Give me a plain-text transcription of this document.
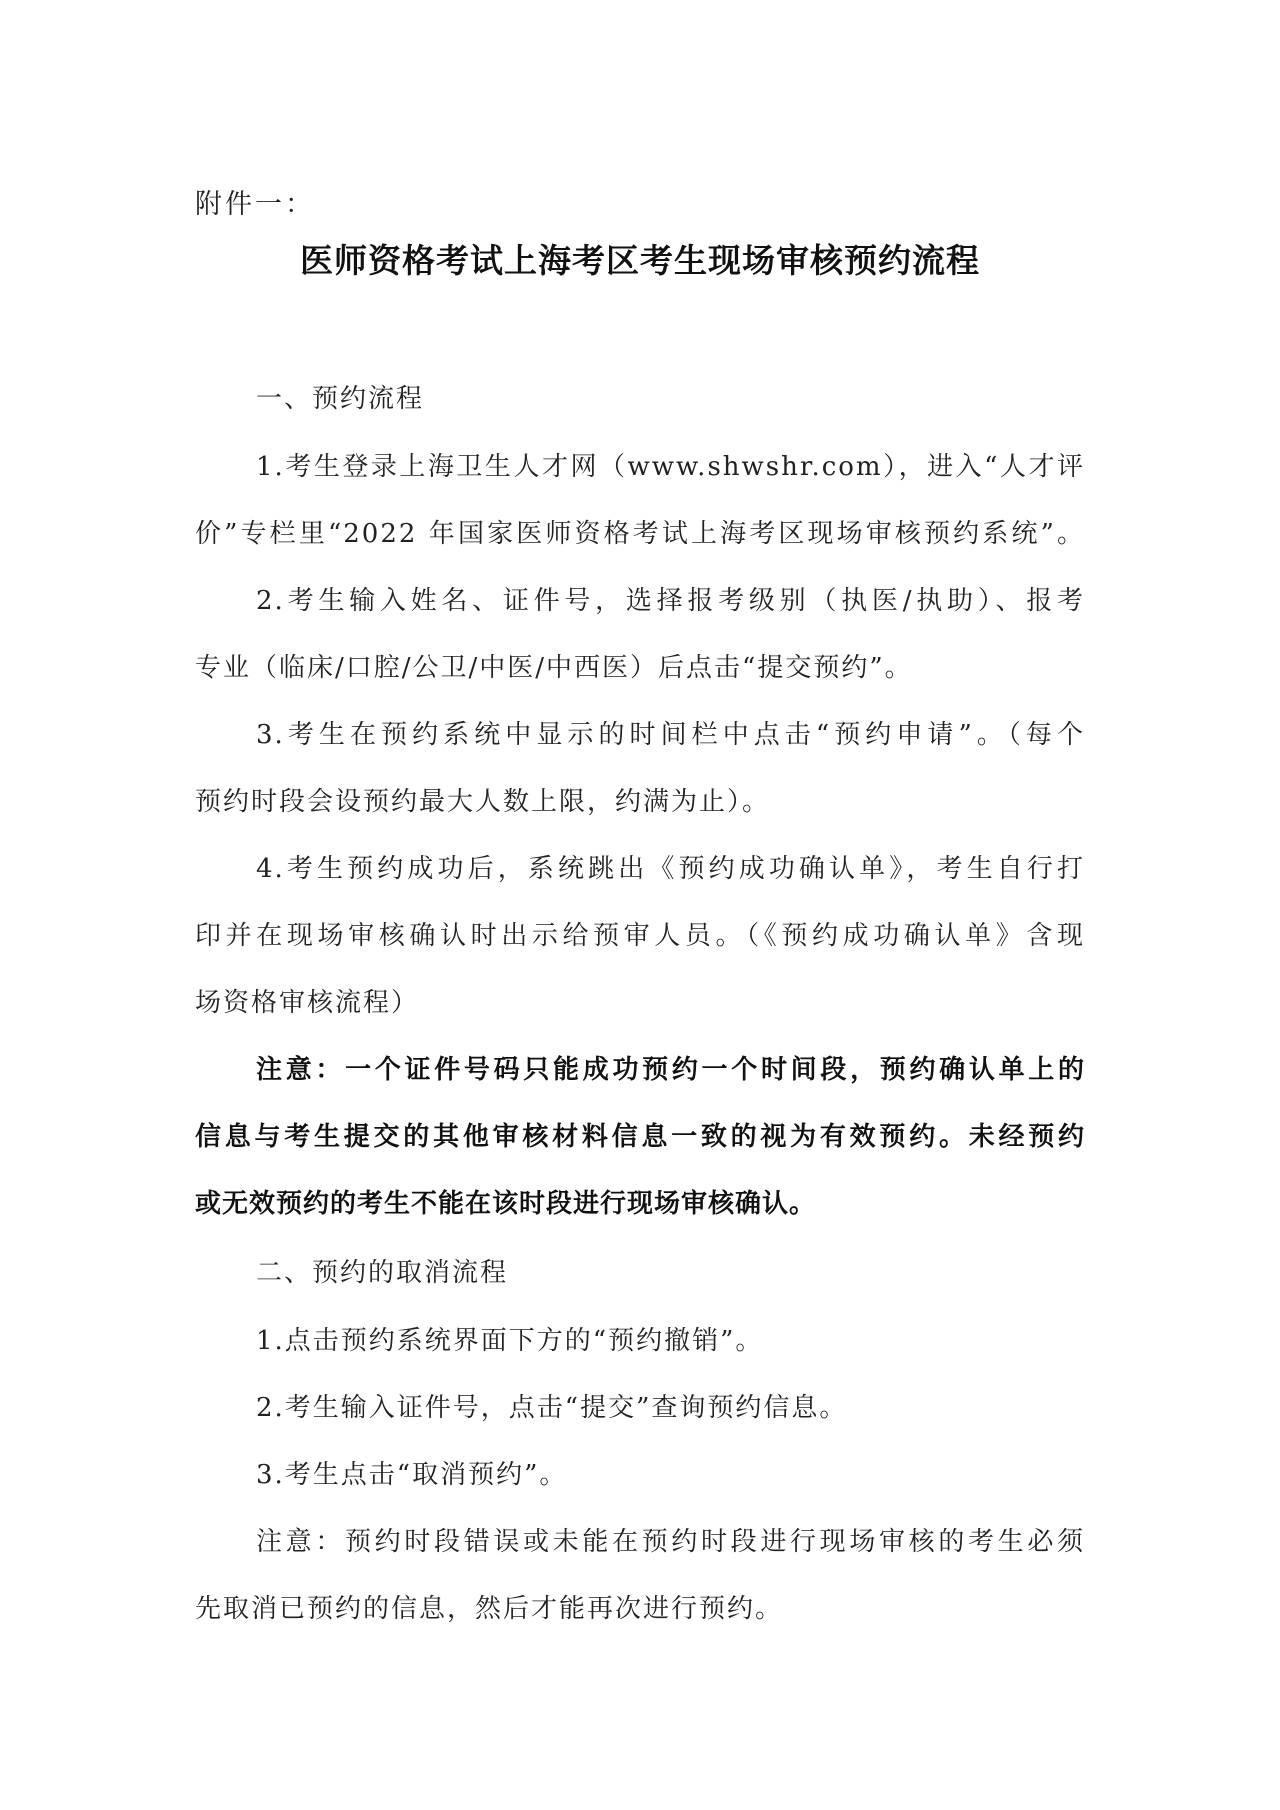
附件一：
医师资格考试上海考区考生现场审核预约流程
一、预约流程
1.考生登录上海卫生人才网（www.shwshr.com），进入“人才评
价”专栏里“2022 年国家医师资格考试上海考区现场审核预约系统”。
2.考生输入姓名、证件号，选择报考级别（执医/执助）、报考
专业（临床/口腔/公卫/中医/中西医）后点击“提交预约”。
3.考生在预约系统中显示的时间栏中点击“预约申请”。（每个
预约时段会设预约最大人数上限，约满为止）。
4.考生预约成功后，系统跳出《预约成功确认单》，考生自行打
印并在现场审核确认时出示给预审人员。（《预约成功确认单》含现
场资格审核流程）
注意：一个证件号码只能成功预约一个时间段，预约确认单上的
信息与考生提交的其他审核材料信息一致的视为有效预约。未经预约
或无效预约的考生不能在该时段进行现场审核确认。
二、预约的取消流程
1.点击预约系统界面下方的“预约撤销”。
2.考生输入证件号，点击“提交”查询预约信息。
3.考生点击“取消预约”。
注意：预约时段错误或未能在预约时段进行现场审核的考生必须
先取消已预约的信息，然后才能再次进行预约。
